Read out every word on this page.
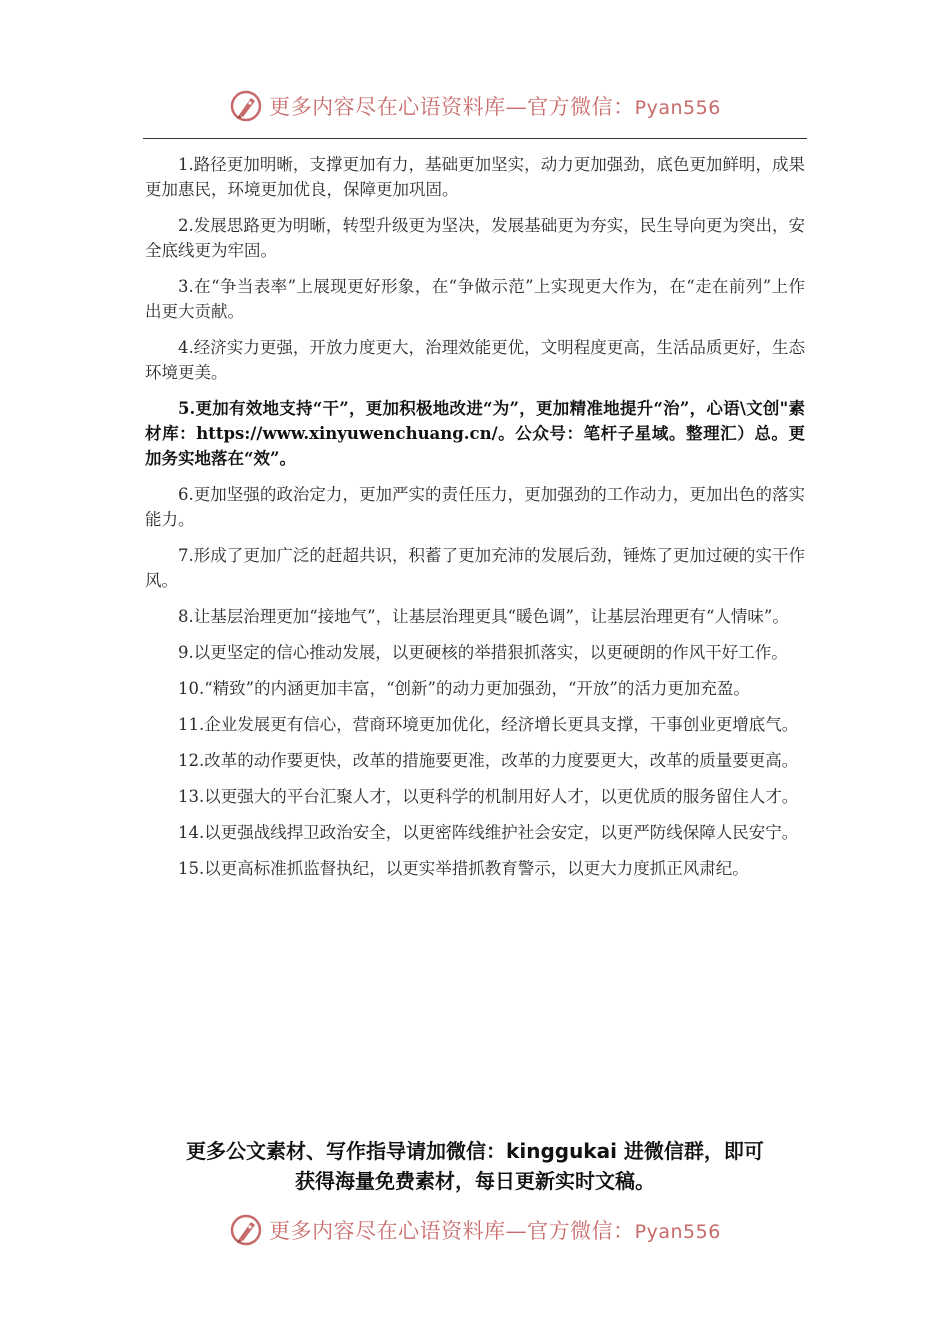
更多内容尽在心语资料库—官方微信：Pyan556

1.路径更加明晰，支撑更加有力，基础更加坚实，动力更加强劲，底色更加鲜明，成果更加惠民，环境更加优良，保障更加巩固。

2.发展思路更为明晰，转型升级更为坚决，发展基础更为夯实，民生导向更为突出，安全底线更为牢固。

3.在“争当表率”上展现更好形象，在“争做示范”上实现更大作为，在“走在前列”上作出更大贡献。

4.经济实力更强，开放力度更大，治理效能更优，文明程度更高，生活品质更好，生态环境更美。

5.更加有效地支持“干”，更加积极地改进“为”，更加精准地提升“治”，心语\文创"素材库：https://www.xinyuwenchuang.cn/。公众号：笔杆子星域。整理汇）总。更加务实地落在“效”。

6.更加坚强的政治定力，更加严实的责任压力，更加强劲的工作动力，更加出色的落实能力。

7.形成了更加广泛的赶超共识，积蓄了更加充沛的发展后劲，锤炼了更加过硬的实干作风。

8.让基层治理更加“接地气”，让基层治理更具“暖色调”，让基层治理更有“人情味”。

9.以更坚定的信心推动发展，以更硬核的举措狠抓落实，以更硬朗的作风干好工作。

10.“精致”的内涵更加丰富，“创新”的动力更加强劲，“开放”的活力更加充盈。

11.企业发展更有信心，营商环境更加优化，经济增长更具支撑，干事创业更增底气。

12.改革的动作要更快，改革的措施要更准，改革的力度要更大，改革的质量要更高。

13.以更强大的平台汇聚人才，以更科学的机制用好人才，以更优质的服务留住人才。

14.以更强战线捍卫政治安全，以更密阵线维护社会安定，以更严防线保障人民安宁。

15.以更高标准抓监督执纪，以更实举措抓教育警示，以更大力度抓正风肃纪。

更多公文素材、写作指导请加微信：kinggukai 进微信群，即可
获得海量免费素材，每日更新实时文稿。
更多内容尽在心语资料库—官方微信：Pyan556
